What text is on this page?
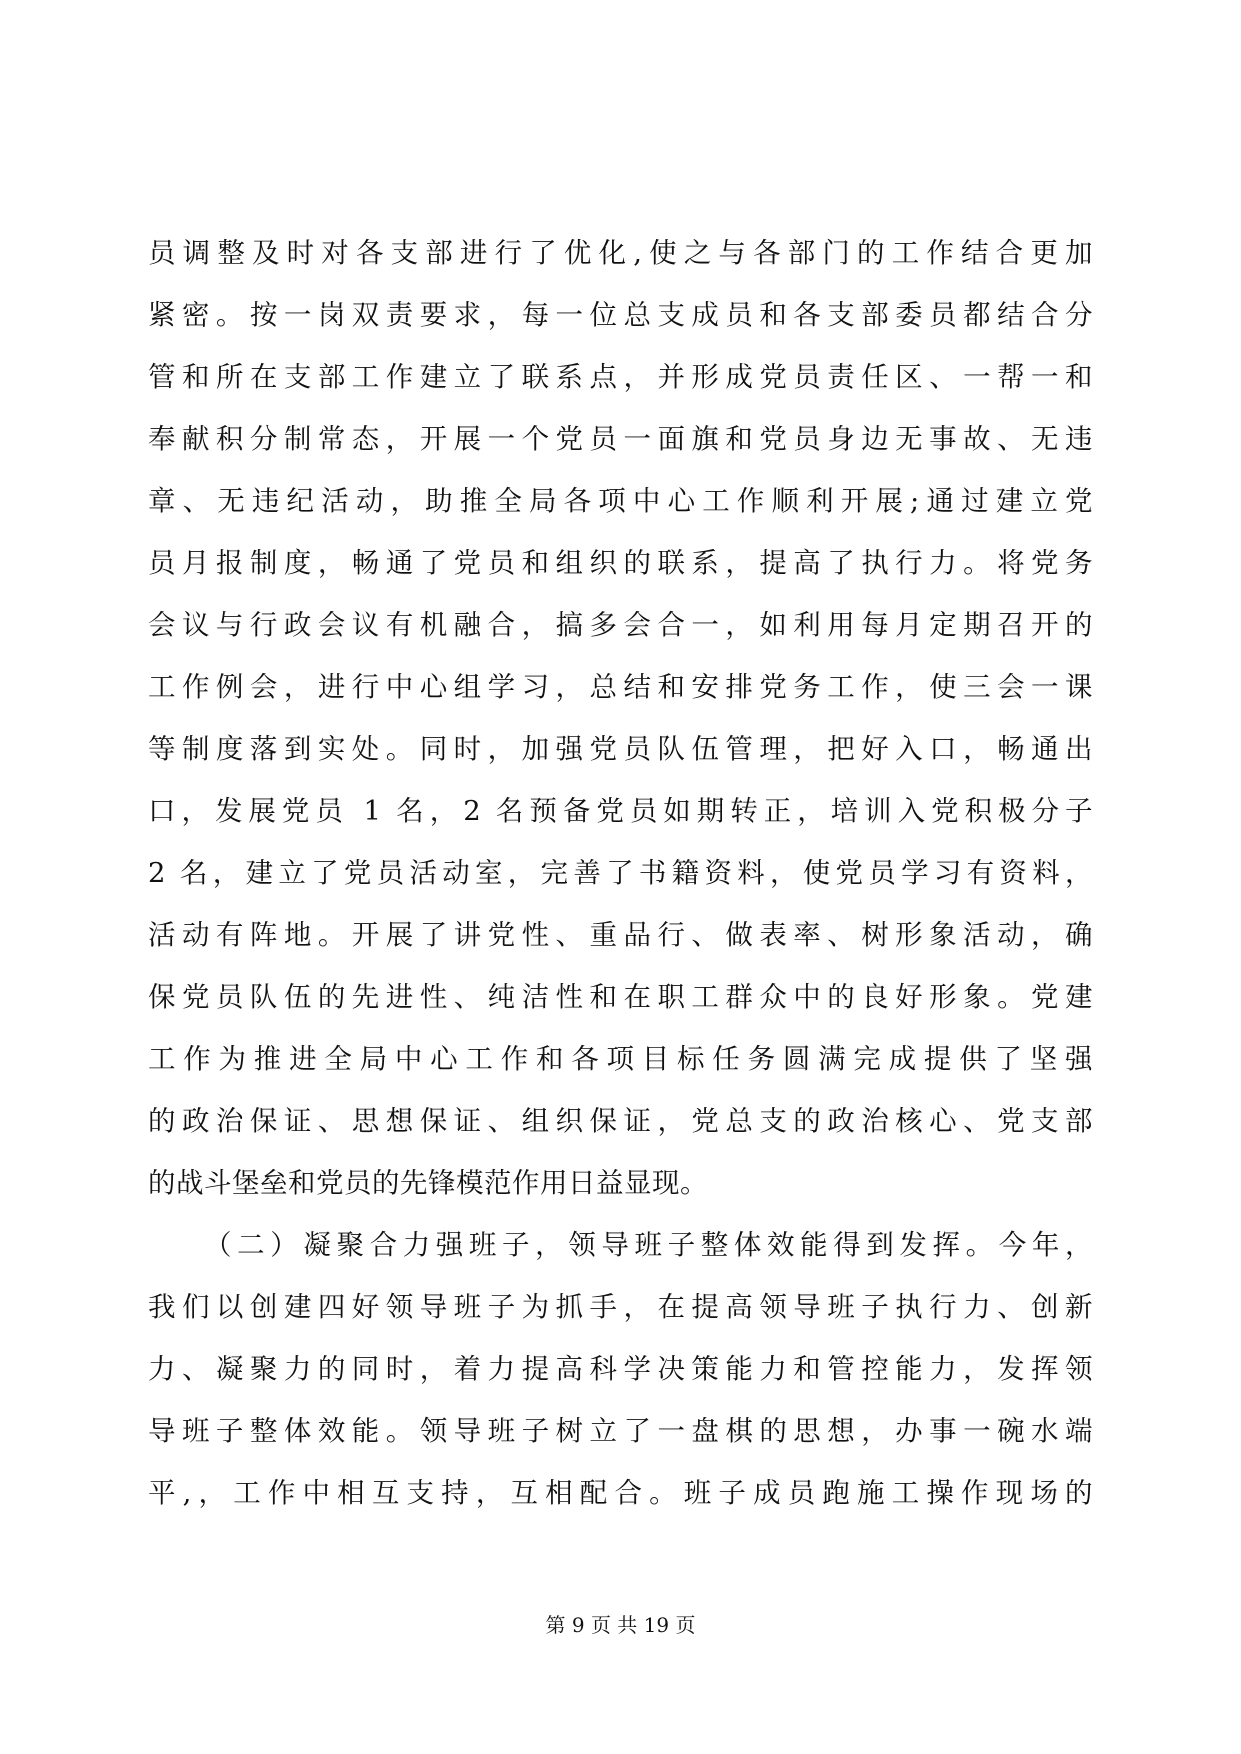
员调整及时对各支部进行了优化,使之与各部门的工作结合更加
紧密。按一岗双责要求，每一位总支成员和各支部委员都结合分
管和所在支部工作建立了联系点，并形成党员责任区、一帮一和
奉献积分制常态，开展一个党员一面旗和党员身边无事故、无违
章、无违纪活动，助推全局各项中心工作顺利开展;通过建立党
员月报制度，畅通了党员和组织的联系，提高了执行力。将党务
会议与行政会议有机融合，搞多会合一，如利用每月定期召开的
工作例会，进行中心组学习，总结和安排党务工作，使三会一课
等制度落到实处。同时，加强党员队伍管理，把好入口，畅通出
口，发展党员 1 名，2 名预备党员如期转正，培训入党积极分子
2 名，建立了党员活动室，完善了书籍资料，使党员学习有资料，
活动有阵地。开展了讲党性、重品行、做表率、树形象活动，确
保党员队伍的先进性、纯洁性和在职工群众中的良好形象。党建
工作为推进全局中心工作和各项目标任务圆满完成提供了坚强
的政治保证、思想保证、组织保证，党总支的政治核心、党支部
的战斗堡垒和党员的先锋模范作用日益显现。
（二）凝聚合力强班子，领导班子整体效能得到发挥。今年，
我们以创建四好领导班子为抓手，在提高领导班子执行力、创新
力、凝聚力的同时，着力提高科学决策能力和管控能力，发挥领
导班子整体效能。领导班子树立了一盘棋的思想，办事一碗水端
平,，工作中相互支持，互相配合。班子成员跑施工操作现场的
第 9 页 共 19 页
